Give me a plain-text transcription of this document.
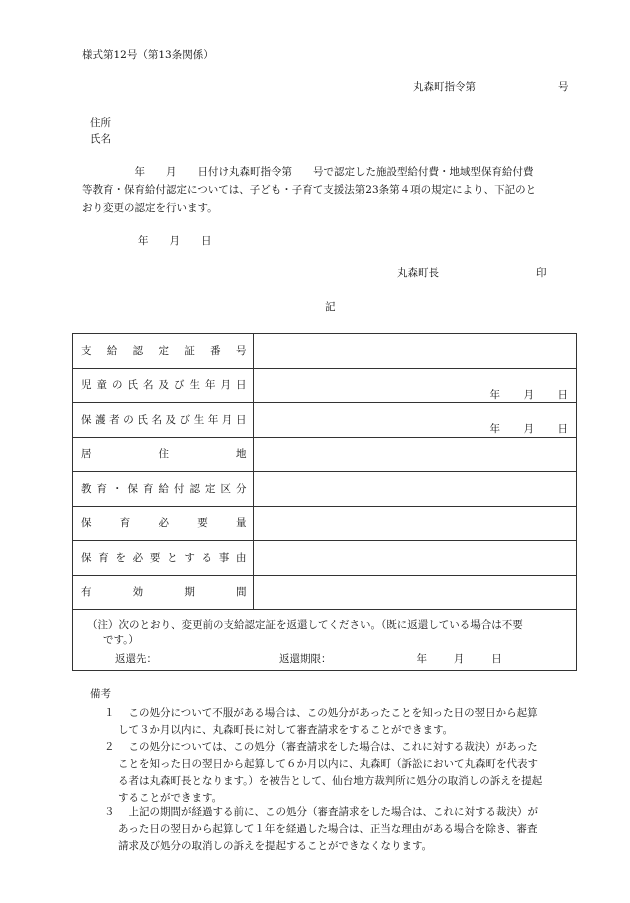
様式第12号（第13条関係）
丸森町指令第	号
住所
氏名
　　　　　年　　月　　日付け丸森町指令第　　号で認定した施設型給付費・地域型保育給付費
等教育・保育給付認定については、子ども・子育て支援法第23条第４項の規定により、下記のと
おり変更の認定を行います。
年　　月　　日
丸森町長	印
記
支給認定証番号
児童の氏名及び生年月日
年	月	日
保護者の氏名及び生年月日
年	月	日
居住地
教育・保育給付認定区分
保育必要量
保育を必要とする事由
有効期間
（注）次のとおり、変更前の支給認定証を返還してください。（既に返還している場合は不要
です。）
返還先：	返還期限：	年	月	日
備考
１ 　この処分について不服がある場合は、この処分があったことを知った日の翌日から起算
して３か月以内に、丸森町長に対して審査請求をすることができます。
２ 　この処分については、この処分（審査請求をした場合は、これに対する裁決）があった
ことを知った日の翌日から起算して６か月以内に、丸森町（訴訟において丸森町を代表す
る者は丸森町長となります。）を被告として、仙台地方裁判所に処分の取消しの訴えを提起
することができます。
３ 　上記の期間が経過する前に、この処分（審査請求をした場合は、これに対する裁決）が
あった日の翌日から起算して１年を経過した場合は、正当な理由がある場合を除き、審査
請求及び処分の取消しの訴えを提起することができなくなります。
